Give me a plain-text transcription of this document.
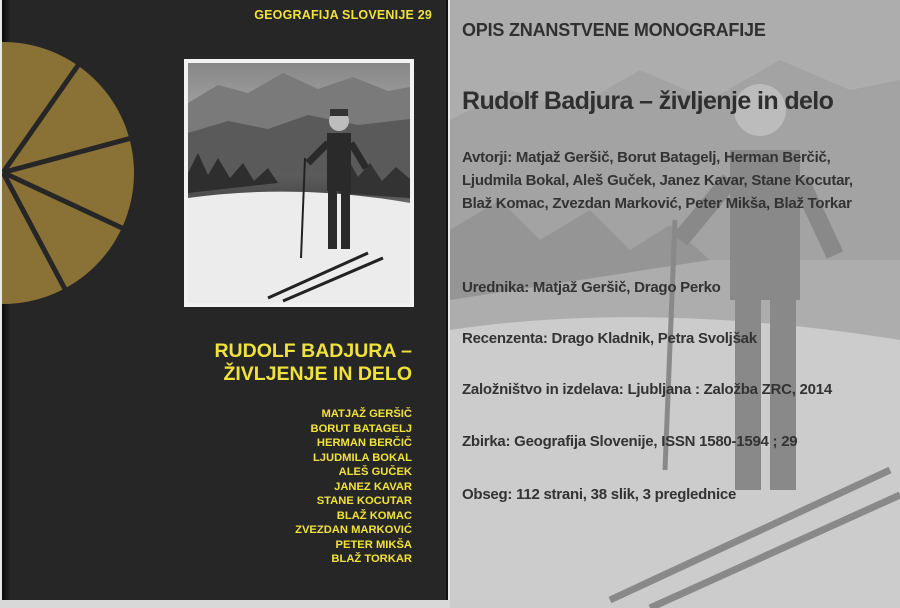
GEOGRAFIJA SLOVENIJE 29
RUDOLF BADJURA –
ŽIVLJENJE IN DELO
MATJAŽ GERŠIČ
BORUT BATAGELJ
HERMAN BERČIČ
LJUDMILA BOKAL
ALEŠ GUČEK
JANEZ KAVAR
STANE KOCUTAR
BLAŽ KOMAC
ZVEZDAN MARKOVIĆ
PETER MIKŠA
BLAŽ TORKAR
OPIS ZNANSTVENE MONOGRAFIJE
Rudolf Badjura – življenje in delo
Avtorji: Matjaž Geršič, Borut Batagelj, Herman Berčič, Ljudmila Bokal, Aleš Guček, Janez Kavar, Stane Kocutar, Blaž Komac, Zvezdan Marković, Peter Mikša, Blaž Torkar
Urednika: Matjaž Geršič, Drago Perko
Recenzenta: Drago Kladnik, Petra Svoljšak
Založništvo in izdelava: Ljubljana : Založba ZRC, 2014
Zbirka: Geografija Slovenije, ISSN 1580-1594 ; 29
Obseg: 112 strani, 38 slik, 3 preglednice
